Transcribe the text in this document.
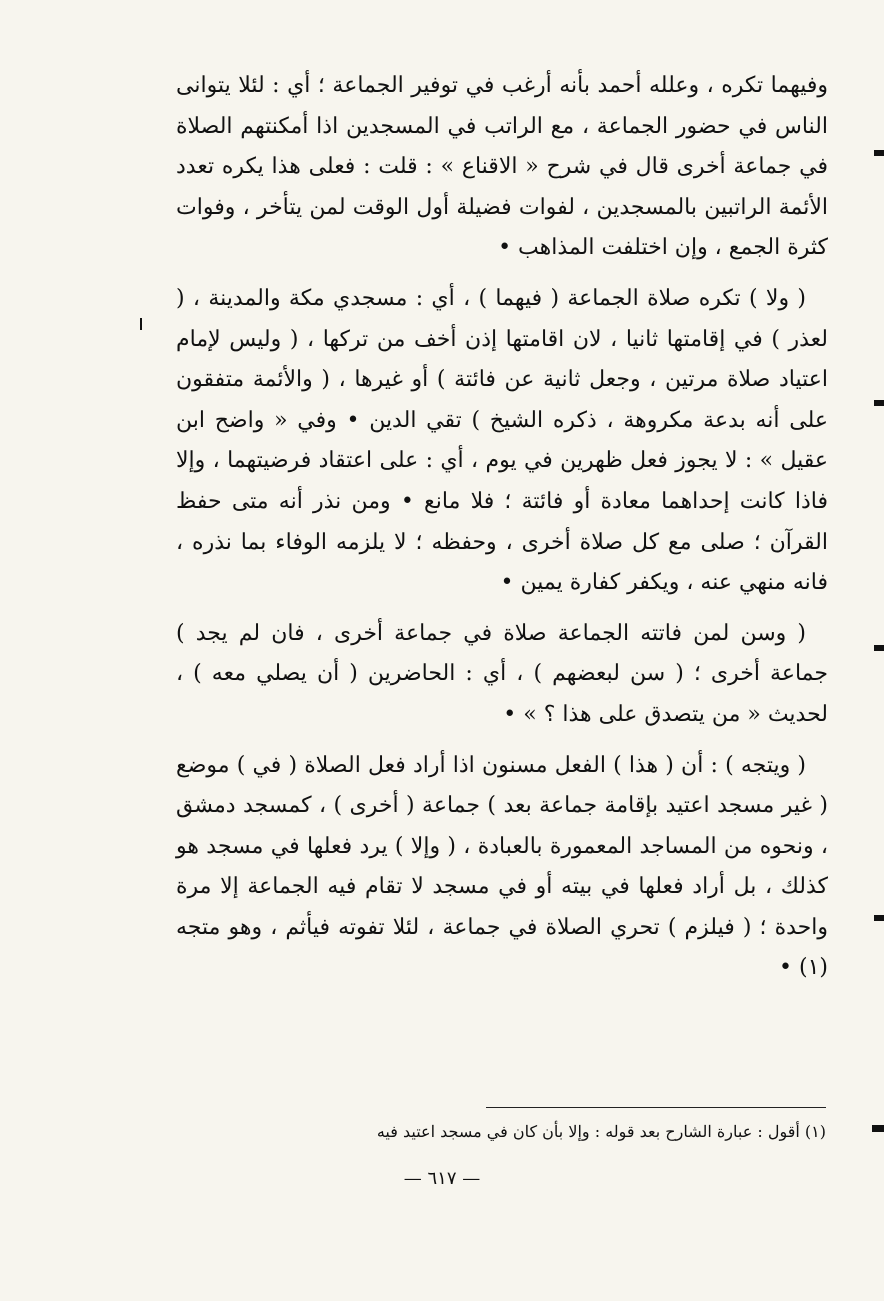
وفيهما تكره ، وعلله أحمد بأنه أرغب في توفير الجماعة ؛ أي : لئلا يتوانى الناس في حضور الجماعة ، مع الراتب في المسجدين اذا أمكنتهم الصلاة في جماعة أخرى قال في شرح « الاقناع » : قلت : فعلى هذا يكره تعدد الأئمة الراتبين بالمسجدين ، لفوات فضيلة أول الوقت لمن يتأخر ، وفوات كثرة الجمع ، وإن اختلفت المذاهب •

( ولا ) تكره صلاة الجماعة ( فيهما ) ، أي : مسجدي مكة والمدينة ، ( لعذر ) في إقامتها ثانيا ، لان اقامتها إذن أخف من تركها ، ( وليس لإمام اعتياد صلاة مرتين ، وجعل ثانية عن فائتة ) أو غيرها ، ( والأئمة متفقون على أنه بدعة مكروهة ، ذكره الشيخ ) تقي الدين • وفي « واضح ابن عقيل » : لا يجوز فعل ظهرين في يوم ، أي : على اعتقاد فرضيتهما ، وإلا فاذا كانت إحداهما معادة أو فائتة ؛ فلا مانع • ومن نذر أنه متى حفظ القرآن ؛ صلى مع كل صلاة أخرى ، وحفظه ؛ لا يلزمه الوفاء بما نذره ، فانه منهي عنه ، ويكفر كفارة يمين •

( وسن لمن فاتته الجماعة صلاة في جماعة أخرى ، فان لم يجد ) جماعة أخرى ؛ ( سن لبعضهم ) ، أي : الحاضرين ( أن يصلي معه ) ، لحديث « من يتصدق على هذا ؟ » •

( ويتجه ) : أن ( هذا ) الفعل مسنون اذا أراد فعل الصلاة ( في ) موضع ( غير مسجد اعتيد بإقامة جماعة بعد ) جماعة ( أخرى ) ، كمسجد دمشق ، ونحوه من المساجد المعمورة بالعبادة ، ( وإلا ) يرد فعلها في مسجد هو كذلك ، بل أراد فعلها في بيته أو في مسجد لا تقام فيه الجماعة إلا مرة واحدة ؛ ( فيلزم ) تحري الصلاة في جماعة ، لئلا تفوته فيأثم ، وهو متجه (١) •

(١) أقول : عبارة الشارح بعد قوله : وإلا بأن كان في مسجد اعتيد فيه
— ٦١٧ —
